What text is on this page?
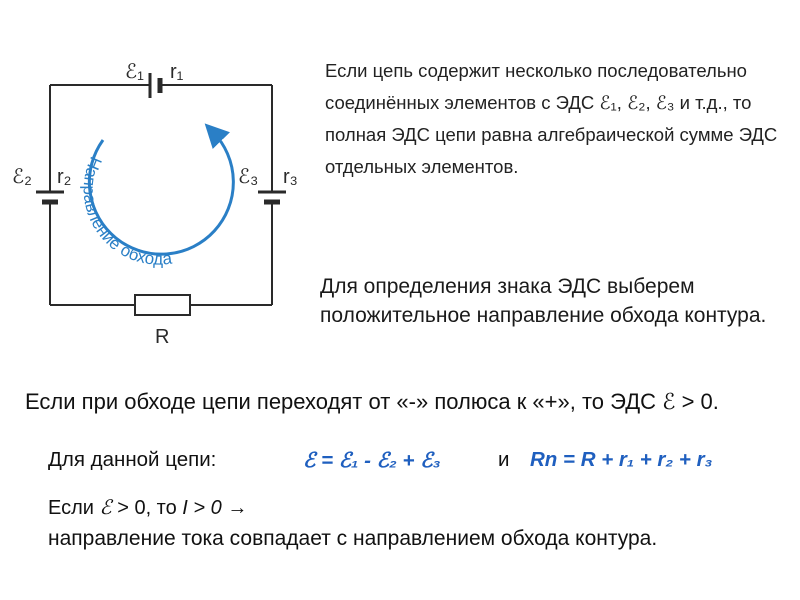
ℰ₁ r₁
ℰ₂ r₂	ℰ₃ r₃
R
Направление обхода
Если цепь содержит несколько последовательно соединённых элементов с ЭДС ℰ₁, ℰ₂, ℰ₃ и т.д., то полная ЭДС цепи равна алгебраической сумме ЭДС отдельных элементов.
Для определения знака ЭДС выберем положительное направление обхода контура.
Если при обходе цепи переходят от «-» полюса к «+», то ЭДС ℰ > 0.
Для данной цепи:	ℰ = ℰ₁ - ℰ₂ + ℰ₃	и Rn = R + r₁ + r₂ + r₃
Если ℰ > 0, то I > 0 →
направление тока совпадает с направлением обхода контура.
